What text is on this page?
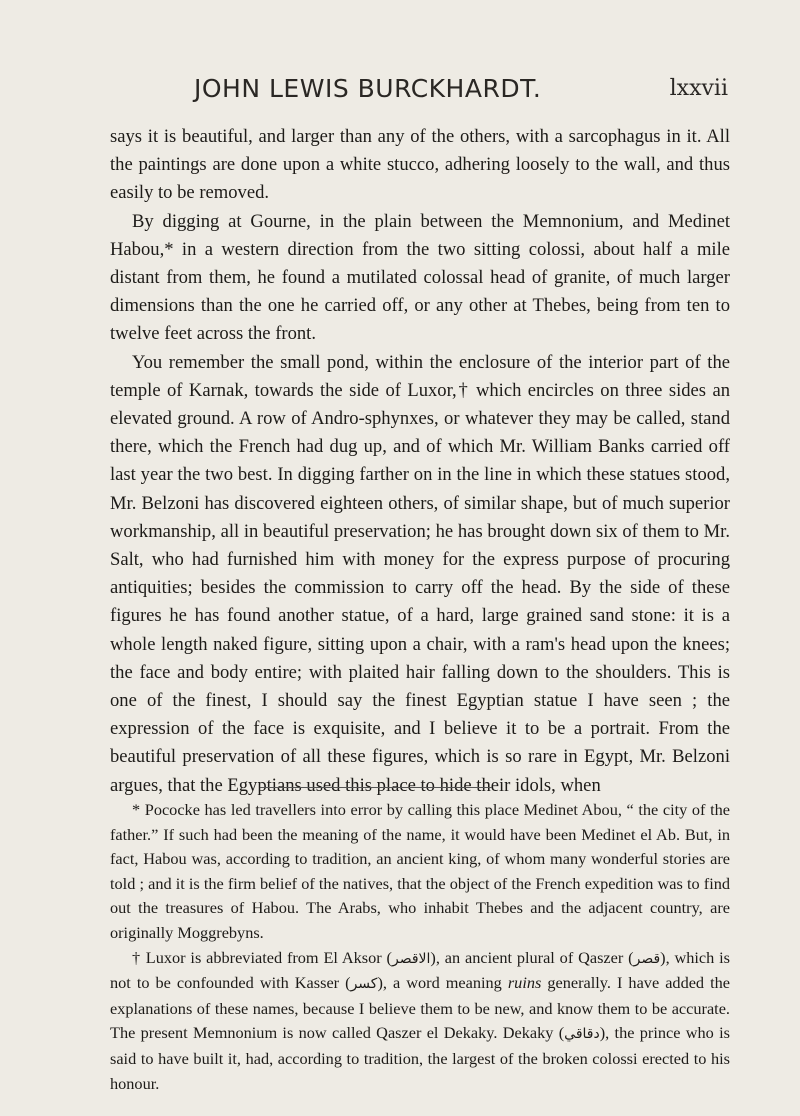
JOHN LEWIS BURCKHARDT.	lxxvii

says it is beautiful, and larger than any of the others, with a sarcophagus in it. All the paintings are done upon a white stucco, adhering loosely to the wall, and thus easily to be removed.

By digging at Gourne, in the plain between the Memnonium, and Medinet Habou,* in a western direction from the two sitting colossi, about half a mile distant from them, he found a mutilated colossal head of granite, of much larger dimensions than the one he carried off, or any other at Thebes, being from ten to twelve feet across the front.

You remember the small pond, within the enclosure of the interior part of the temple of Karnak, towards the side of Luxor,† which encircles on three sides an elevated ground. A row of Andro-sphynxes, or whatever they may be called, stand there, which the French had dug up, and of which Mr. William Banks carried off last year the two best. In digging farther on in the line in which these statues stood, Mr. Belzoni has discovered eighteen others, of similar shape, but of much superior workmanship, all in beautiful preservation; he has brought down six of them to Mr. Salt, who had furnished him with money for the express purpose of procuring antiquities; besides the commission to carry off the head. By the side of these figures he has found another statue, of a hard, large grained sand stone: it is a whole length naked figure, sitting upon a chair, with a ram's head upon the knees; the face and body entire; with plaited hair falling down to the shoulders. This is one of the finest, I should say the finest Egyptian statue I have seen ; the expression of the face is exquisite, and I believe it to be a portrait. From the beautiful preservation of all these figures, which is so rare in Egypt, Mr. Belzoni argues, that the Egyptians used this place to hide their idols, when

* Pococke has led travellers into error by calling this place Medinet Abou, “ the city of the father.” If such had been the meaning of the name, it would have been Medinet el Ab. But, in fact, Habou was, according to tradition, an ancient king, of whom many wonderful stories are told ; and it is the firm belief of the natives, that the object of the French expedition was to find out the treasures of Habou. The Arabs, who inhabit Thebes and the adjacent country, are originally Moggrebyns.

† Luxor is abbreviated from El Aksor (الاقصر), an ancient plural of Qaszer (قصر), which is not to be confounded with Kasser (كسر), a word meaning ruins generally. I have added the explanations of these names, because I believe them to be new, and know them to be accurate. The present Memnonium is now called Qaszer el Dekaky. Dekaky (دقاقي), the prince who is said to have built it, had, according to tradition, the largest of the broken colossi erected to his honour.
